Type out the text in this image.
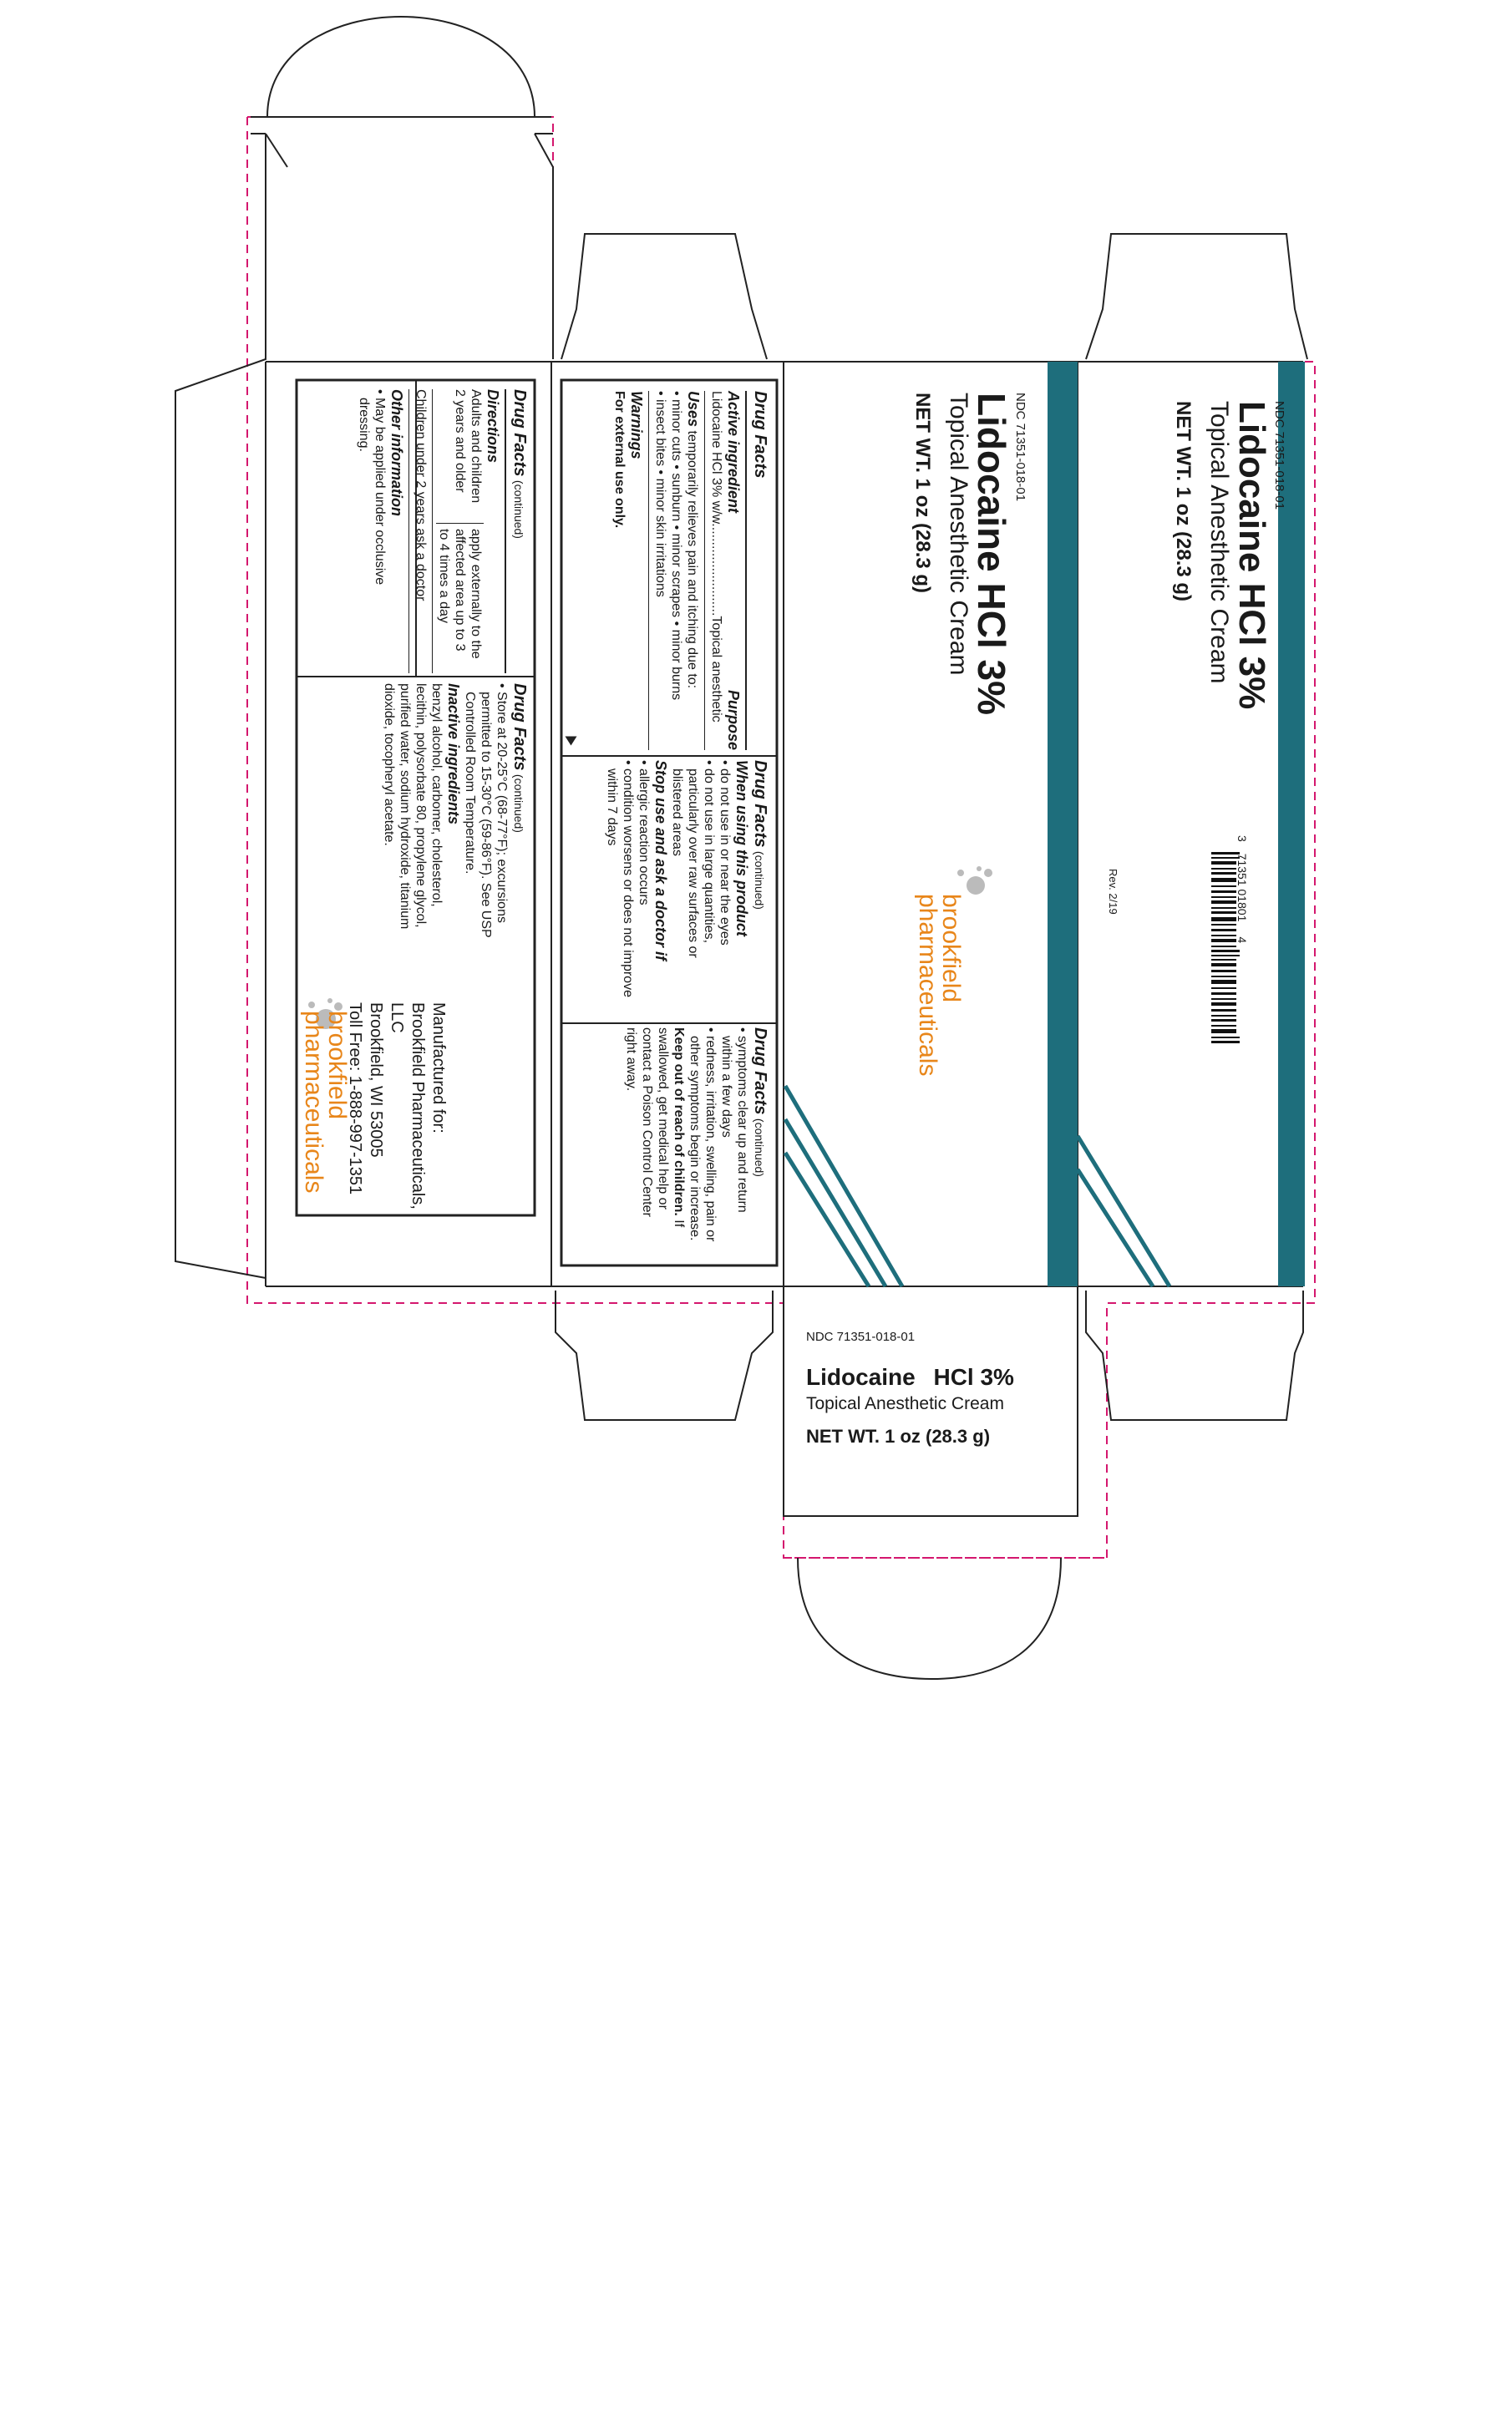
NDC 71351-018-01
Lidocaine HCl 3%
Topical Anesthetic Cream
NET WT. 1 oz (28.3 g)
Rev. 2/19
3 71351 01801 4
NDC 71351-018-01
Lidocaine HCl 3%
Topical Anesthetic Cream
NET WT. 1 oz (28.3 g)
brookfield
pharmaceuticals
Drug Facts
Active ingredient
Purpose
Lidocaine HCl 3% w/w.........................Topical anesthetic
Uses temporarily relieves pain and itching due to:
• minor cuts • sunburn • minor scrapes • minor burns
• insect bites • minor skin irritations
Warnings
For external use only.
Drug Facts (continued)
When using this product
• do not use in or near the eyes
• do not use in large quantities,
particularly over raw surfaces or
blistered areas
Stop use and ask a doctor if
• allergic reaction occurs
• condition worsens or does not improve
within 7 days
Drug Facts (continued)
• symptoms clear up and return
within a few days
• redness, irritation, swelling, pain or
other symptoms begin or increase.
Keep out of reach of children. If
swallowed, get medical help or
contact a Poison Control Center
right away.
Drug Facts (continued)
Directions
Adults and children
2 years and older
apply externally to the
affected area up to 3
to 4 times a day
Children under 2 years ask a doctor
Other information
• May be applied under occlusive
dressing.
Drug Facts (continued)
• Store at 20-25°C (68-77°F); excursions
permitted to 15-30°C (59-86°F). See USP
Controlled Room Temperature.
Inactive ingredients
benzyl alcohol, carbomer, cholesterol,
lecithin, polysorbate 80, propylene glycol,
purified water, sodium hydroxide, titanium
dioxide, tocopheryl acetate.
Manufactured for:
Brookfield Pharmaceuticals, LLC
Brookfield, WI 53005
Toll Free: 1-888-997-1351
brookfield
pharmaceuticals
NDC 71351-018-01
Lidocaine HCl 3%
Topical Anesthetic Cream
NET WT. 1 oz (28.3 g)
